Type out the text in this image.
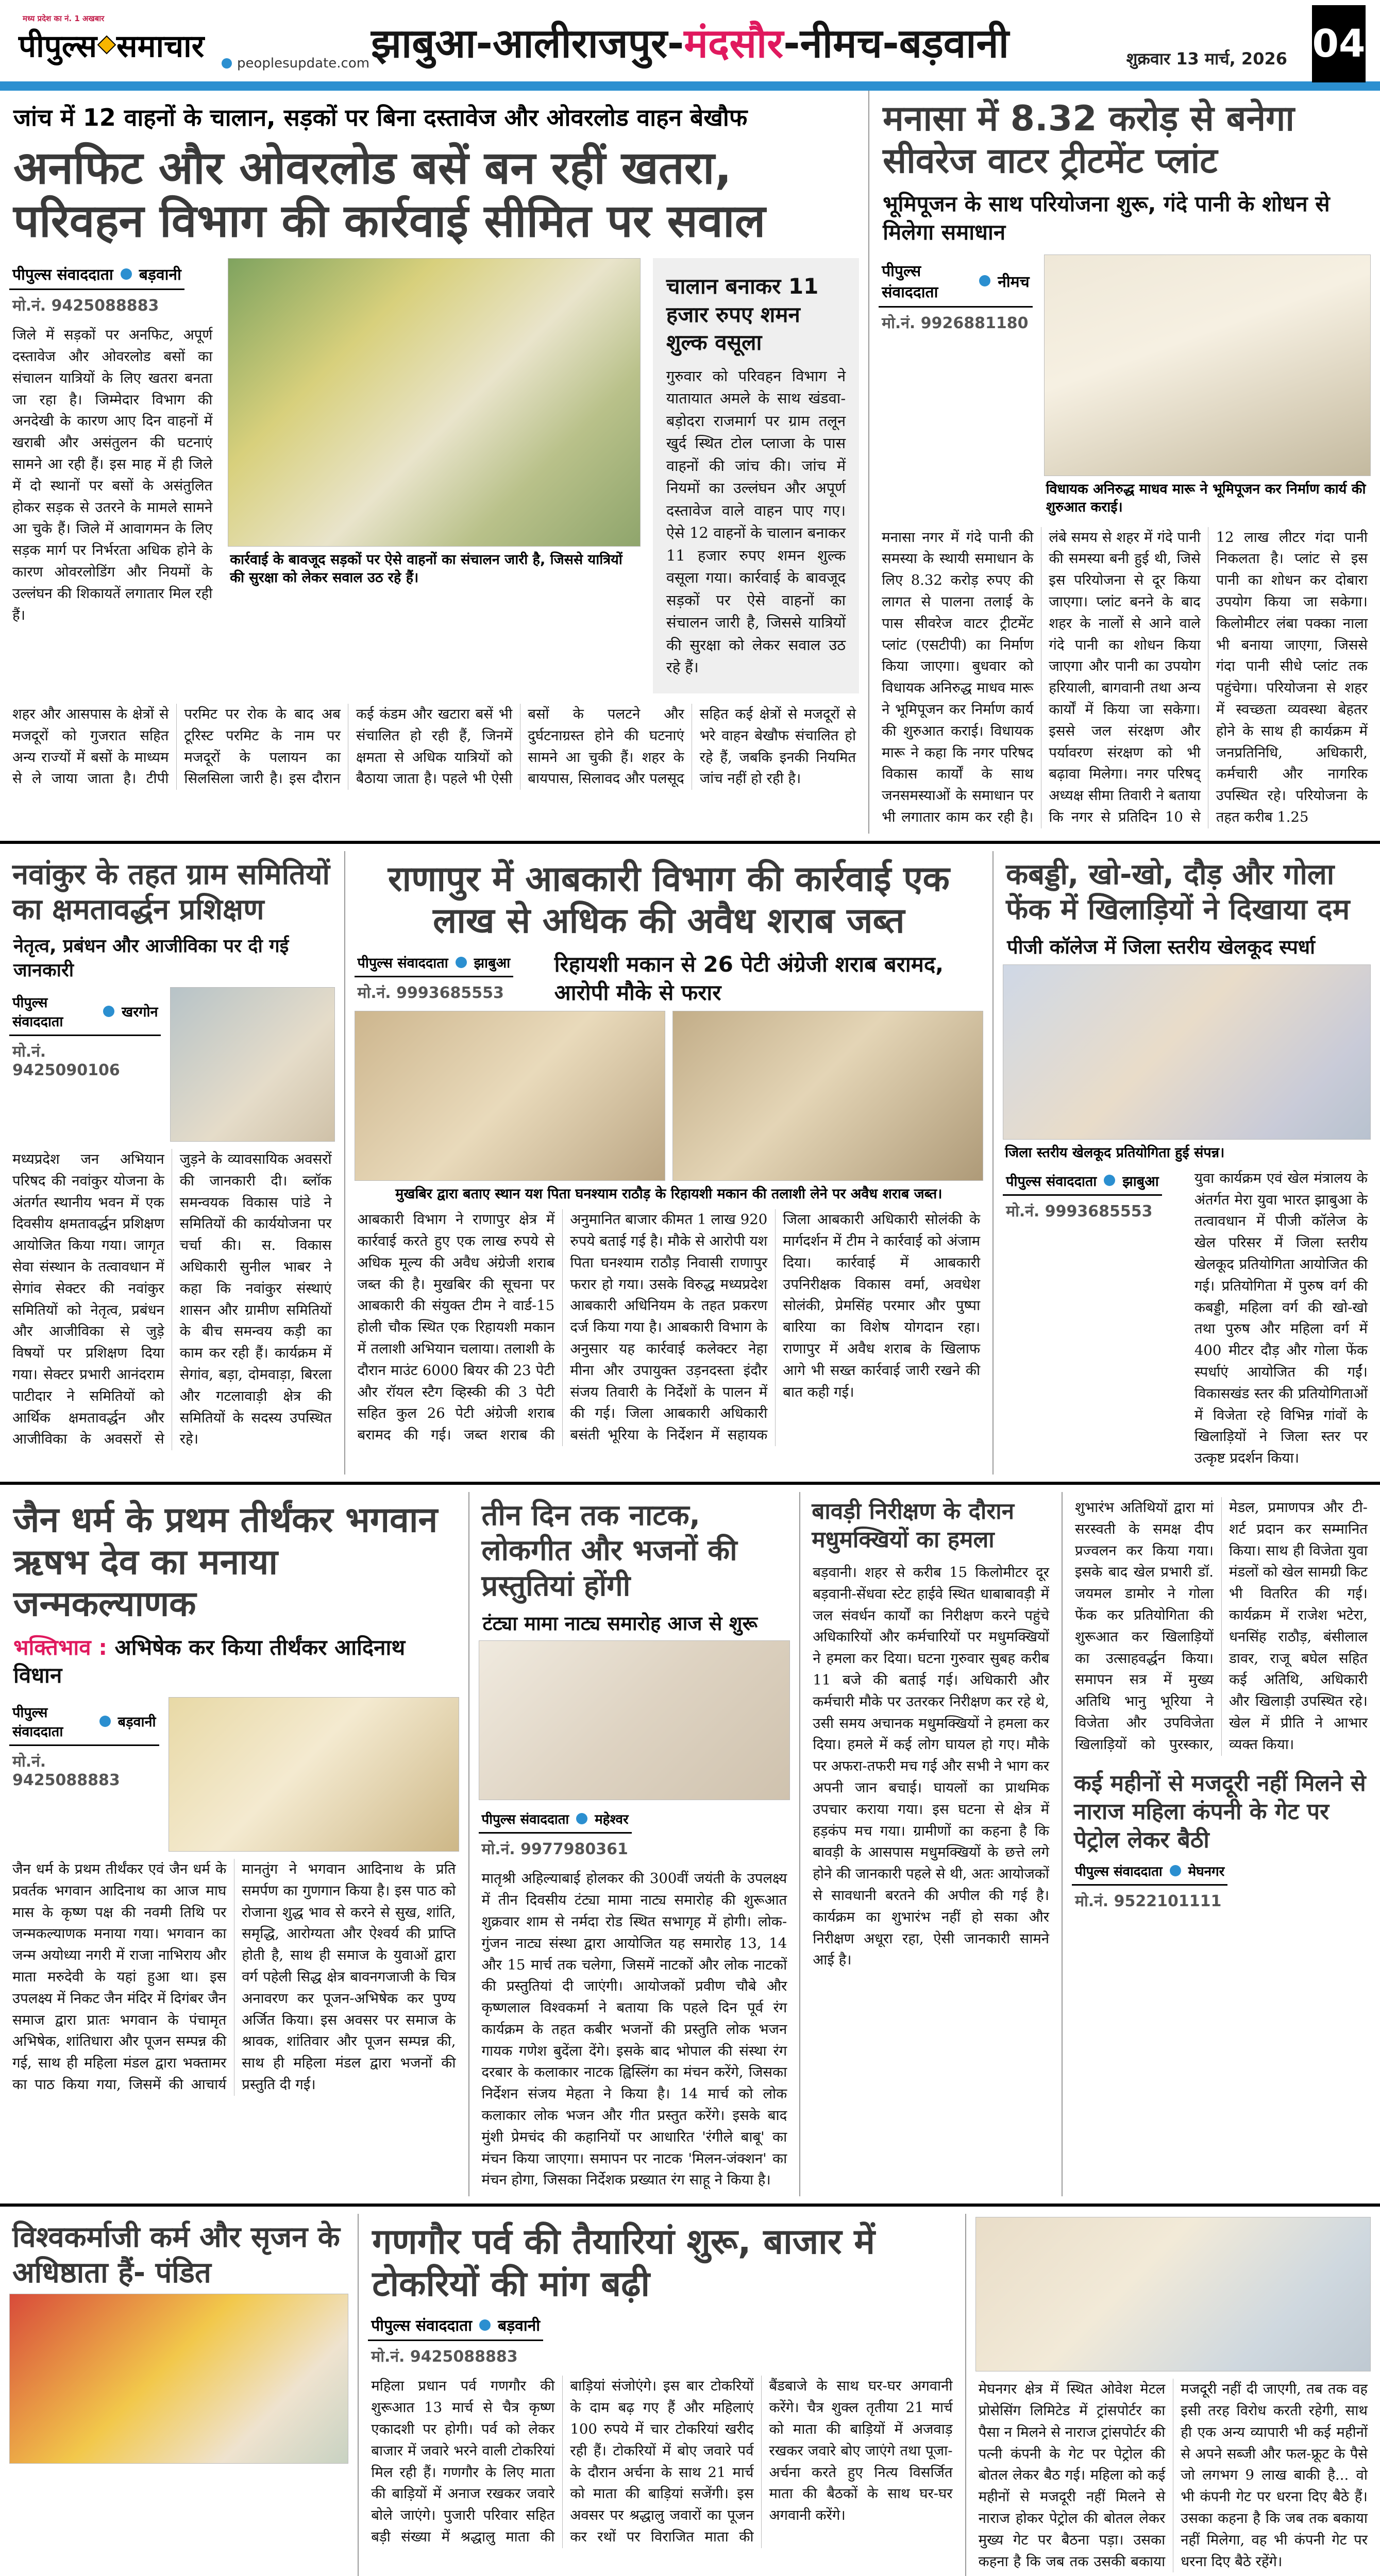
मध्य प्रदेश का नं. 1 अखबार
पीपुल्स समाचार peoplesupdate.com झाबुआ-आलीराजपुर-मंदसौर-नीमच-बड़वानी	शुक्रवार 13 मार्च, 2026 04
जांच में 12 वाहनों के चालान, सड़कों पर बिना दस्तावेज और ओवरलोड वाहन बेखौफ
अनफिट और ओवरलोड बसें बन रहीं खतरा, परिवहन विभाग की कार्रवाई सीमित पर सवाल
पीपुल्स संवाददाता बड़वानी
मो.नं. 9425088883
जिले में सड़कों पर अनफिट, अपूर्ण दस्तावेज और ओवरलोड बसों का संचालन यात्रियों के लिए खतरा बनता जा रहा है। जिम्मेदार विभाग की अनदेखी के कारण आए दिन वाहनों में खराबी और असंतुलन की घटनाएं सामने आ रही हैं। इस माह में ही जिले में दो स्थानों पर बसों के असंतुलित होकर सड़क से उतरने के मामले सामने आ चुके हैं। जिले में आवागमन के लिए सड़क मार्ग पर निर्भरता अधिक होने के कारण ओवरलोडिंग और नियमों के उल्लंघन की शिकायतें लगातार मिल रही हैं।
कार्रवाई के बावजूद सड़कों पर ऐसे वाहनों का संचालन जारी है, जिससे यात्रियों की सुरक्षा को लेकर सवाल उठ रहे हैं।
चालान बनाकर 11 हजार रुपए शमन शुल्क वसूला
गुरुवार को परिवहन विभाग ने यातायात अमले के साथ खंडवा-बड़ोदरा राजमार्ग पर ग्राम तलून खुर्द स्थित टोल प्लाजा के पास वाहनों की जांच की। जांच में नियमों का उल्लंघन और अपूर्ण दस्तावेज वाले वाहन पाए गए। ऐसे 12 वाहनों के चालान बनाकर 11 हजार रुपए शमन शुल्क वसूला गया। कार्रवाई के बावजूद सड़कों पर ऐसे वाहनों का संचालन जारी है, जिससे यात्रियों की सुरक्षा को लेकर सवाल उठ रहे हैं।
शहर और आसपास के क्षेत्रों से मजदूरों को गुजरात सहित अन्य राज्यों में बसों के माध्यम से ले जाया जाता है। टीपी परमिट पर रोक के बाद अब टूरिस्ट परमिट के नाम पर मजदूरों के पलायन का सिलसिला जारी है। इस दौरान कई कंडम और खटारा बसें भी संचालित हो रही हैं, जिनमें क्षमता से अधिक यात्रियों को बैठाया जाता है। पहले भी ऐसी बसों के पलटने और दुर्घटनाग्रस्त होने की घटनाएं सामने आ चुकी हैं। शहर के बायपास, सिलावद और पलसूद सहित कई क्षेत्रों से मजदूरों से भरे वाहन बेखौफ संचालित हो रहे हैं, जबकि इनकी नियमित जांच नहीं हो रही है।
मनासा में 8.32 करोड़ से बनेगा सीवरेज वाटर ट्रीटमेंट प्लांट
भूमिपूजन के साथ परियोजना शुरू, गंदे पानी के शोधन से मिलेगा समाधान
पीपुल्स संवाददाता
नीमच
मो.नं. 9926881180
विधायक अनिरुद्ध माधव मारू ने भूमिपूजन कर निर्माण कार्य की शुरुआत कराई।
मनासा नगर में गंदे पानी की समस्या के स्थायी समाधान के लिए 8.32 करोड़ रुपए की लागत से पालना तलाई के पास सीवरेज वाटर ट्रीटमेंट प्लांट (एसटीपी) का निर्माण किया जाएगा। बुधवार को विधायक अनिरुद्ध माधव मारू ने भूमिपूजन कर निर्माण कार्य की शुरुआत कराई। विधायक मारू ने कहा कि नगर परिषद विकास कार्यों के साथ जनसमस्याओं के समाधान पर भी लगातार काम कर रही है। लंबे समय से शहर में गंदे पानी की समस्या बनी हुई थी, जिसे इस परियोजना से दूर किया जाएगा। प्लांट बनने के बाद शहर के नालों से आने वाले गंदे पानी का शोधन किया जाएगा और पानी का उपयोग हरियाली, बागवानी तथा अन्य कार्यों में किया जा सकेगा। इससे जल संरक्षण और पर्यावरण संरक्षण को भी बढ़ावा मिलेगा। नगर परिषद् अध्यक्ष सीमा तिवारी ने बताया कि नगर से प्रतिदिन 10 से 12 लाख लीटर गंदा पानी निकलता है। प्लांट से इस पानी का शोधन कर दोबारा उपयोग किया जा सकेगा। किलोमीटर लंबा पक्का नाला भी बनाया जाएगा, जिससे गंदा पानी सीधे प्लांट तक पहुंचेगा। परियोजना से शहर में स्वच्छता व्यवस्था बेहतर होने के साथ ही कार्यक्रम में जनप्रतिनिधि, अधिकारी, कर्मचारी और नागरिक उपस्थित रहे। परियोजना के तहत करीब 1.25
नवांकुर के तहत ग्राम समितियों का क्षमतावर्द्धन प्रशिक्षण
नेतृत्व, प्रबंधन और आजीविका पर दी गई जानकारी
पीपुल्स संवाददाता
खरगोन
मो.नं. 9425090106
मध्यप्रदेश जन अभियान परिषद की नवांकुर योजना के अंतर्गत स्थानीय भवन में एक दिवसीय क्षमतावर्द्धन प्रशिक्षण आयोजित किया गया। जागृत सेवा संस्थान के तत्वावधान में सेगांव सेक्टर की नवांकुर समितियों को नेतृत्व, प्रबंधन और आजीविका से जुड़े विषयों पर प्रशिक्षण दिया गया। सेक्टर प्रभारी आनंदराम पाटीदार ने समितियों को आर्थिक क्षमतावर्द्धन और आजीविका के अवसरों से जुड़ने के व्यावसायिक अवसरों की जानकारी दी। ब्लॉक समन्वयक विकास पांडे ने समितियों की कार्ययोजना पर चर्चा की। स. विकास अधिकारी सुनील भाबर ने कहा कि नवांकुर संस्थाएं शासन और ग्रामीण समितियों के बीच समन्वय कड़ी का काम कर रही हैं। कार्यक्रम में सेगांव, बड़ा, दोमवाड़ा, बिरला और गटलावाड़ी क्षेत्र की समितियों के सदस्य उपस्थित रहे।
राणापुर में आबकारी विभाग की कार्रवाई एक लाख से अधिक की अवैध शराब जब्त
पीपुल्स संवाददाता झाबुआ
मो.नं. 9993685553
रिहायशी मकान से 26 पेटी अंग्रेजी शराब बरामद, आरोपी मौके से फरार
मुखबिर द्वारा बताए स्थान यश पिता घनश्याम राठौड़ के रिहायशी मकान की तलाशी लेने पर अवैध शराब जब्त।
आबकारी विभाग ने राणापुर क्षेत्र में कार्रवाई करते हुए एक लाख रुपये से अधिक मूल्य की अवैध अंग्रेजी शराब जब्त की है। मुखबिर की सूचना पर आबकारी की संयुक्त टीम ने वार्ड-15 होली चौक स्थित एक रिहायशी मकान में तलाशी अभियान चलाया। तलाशी के दौरान माउंट 6000 बियर की 23 पेटी और रॉयल स्टैग व्हिस्की की 3 पेटी सहित कुल 26 पेटी अंग्रेजी शराब बरामद की गई। जब्त शराब की अनुमानित बाजार कीमत 1 लाख 920 रुपये बताई गई है। मौके से आरोपी यश पिता घनश्याम राठौड़ निवासी राणापुर फरार हो गया। उसके विरुद्ध मध्यप्रदेश आबकारी अधिनियम के तहत प्रकरण दर्ज किया गया है। आबकारी विभाग के अनुसार यह कार्रवाई कलेक्टर नेहा मीना और उपायुक्त उड़नदस्ता इंदौर संजय तिवारी के निर्देशों के पालन में की गई। जिला आबकारी अधिकारी बसंती भूरिया के निर्देशन में सहायक जिला आबकारी अधिकारी सोलंकी के मार्गदर्शन में टीम ने कार्रवाई को अंजाम दिया। कार्रवाई में आबकारी उपनिरीक्षक विकास वर्मा, अवधेश सोलंकी, प्रेमसिंह परमार और पुष्पा बारिया का विशेष योगदान रहा। राणापुर में अवैध शराब के खिलाफ आगे भी सख्त कार्रवाई जारी रखने की बात कही गई।
कबड्डी, खो-खो, दौड़ और गोला फेंक में खिलाड़ियों ने दिखाया दम
पीजी कॉलेज में जिला स्तरीय खेलकूद स्पर्धा
जिला स्तरीय खेलकूद प्रतियोगिता हुई संपन्न।
पीपुल्स संवाददाता झाबुआ
मो.नं. 9993685553
युवा कार्यक्रम एवं खेल मंत्रालय के अंतर्गत मेरा युवा भारत झाबुआ के तत्वावधान में पीजी कॉलेज के खेल परिसर में जिला स्तरीय खेलकूद प्रतियोगिता आयोजित की गई। प्रतियोगिता में पुरुष वर्ग की कबड्डी, महिला वर्ग की खो-खो तथा पुरुष और महिला वर्ग में 400 मीटर दौड़ और गोला फेंक स्पर्धाएं आयोजित की गईं। विकासखंड स्तर की प्रतियोगिताओं में विजेता रहे विभिन्न गांवों के खिलाड़ियों ने जिला स्तर पर उत्कृष्ट प्रदर्शन किया।
जैन धर्म के प्रथम तीर्थंकर भगवान ऋषभ देव का मनाया जन्मकल्याणक
भक्तिभाव : अभिषेक कर किया तीर्थंकर आदिनाथ विधान
पीपुल्स संवाददाता
बड़वानी
मो.नं. 9425088883
जैन धर्म के प्रथम तीर्थंकर एवं जैन धर्म के प्रवर्तक भगवान आदिनाथ का आज माघ मास के कृष्ण पक्ष की नवमी तिथि पर जन्मकल्याणक मनाया गया। भगवान का जन्म अयोध्या नगरी में राजा नाभिराय और माता मरुदेवी के यहां हुआ था। इस उपलक्ष्य में निकट जैन मंदिर में दिगंबर जैन समाज द्वारा प्रातः भगवान के पंचामृत अभिषेक, शांतिधारा और पूजन सम्पन्न की गई, साथ ही महिला मंडल द्वारा भक्तामर का पाठ किया गया, जिसमें की आचार्य मानतुंग ने भगवान आदिनाथ के प्रति समर्पण का गुणगान किया है। इस पाठ को रोजाना शुद्ध भाव से करने से सुख, शांति, समृद्धि, आरोग्यता और ऐश्वर्य की प्राप्ति होती है, साथ ही समाज के युवाओं द्वारा वर्ग पहेली सिद्ध क्षेत्र बावनगजाजी के चित्र अनावरण कर पूजन-अभिषेक कर पुण्य अर्जित किया। इस अवसर पर समाज के श्रावक, शांतिवार और पूजन सम्पन्न की, साथ ही महिला मंडल द्वारा भजनों की प्रस्तुति दी गई।
तीन दिन तक नाटक, लोकगीत और भजनों की प्रस्तुतियां होंगी
टंट्या मामा नाट्य समारोह आज से शुरू
पीपुल्स संवाददाता महेश्वर
मो.नं. 9977980361
मातृश्री अहिल्याबाई होलकर की 300वीं जयंती के उपलक्ष्य में तीन दिवसीय टंट्या मामा नाट्य समारोह की शुरूआत शुक्रवार शाम से नर्मदा रोड स्थित सभागृह में होगी। लोक-गुंजन नाट्य संस्था द्वारा आयोजित यह समारोह 13, 14 और 15 मार्च तक चलेगा, जिसमें नाटकों और लोक नाटकों की प्रस्तुतियां दी जाएंगी। आयोजकों प्रवीण चौबे और कृष्णलाल विश्वकर्मा ने बताया कि पहले दिन पूर्व रंग कार्यक्रम के तहत कबीर भजनों की प्रस्तुति लोक भजन गायक गणेश बुदेंला देंगे। इसके बाद भोपाल की संस्था रंग दरबार के कलाकार नाटक ह्विस्लिंग का मंचन करेंगे, जिसका निर्देशन संजय मेहता ने किया है। 14 मार्च को लोक कलाकार लोक भजन और गीत प्रस्तुत करेंगे। इसके बाद मुंशी प्रेमचंद की कहानियों पर आधारित 'रंगीले बाबू' का मंचन किया जाएगा। समापन पर नाटक 'मिलन-जंक्शन' का मंचन होगा, जिसका निर्देशक प्रख्यात रंग साहू ने किया है।
बावड़ी निरीक्षण के दौरान मधुमक्खियों का हमला
बड़वानी। शहर से करीब 15 किलोमीटर दूर बड़वानी-सेंधवा स्टेट हाईवे स्थित धाबाबावड़ी में जल संवर्धन कार्यों का निरीक्षण करने पहुंचे अधिकारियों और कर्मचारियों पर मधुमक्खियों ने हमला कर दिया। घटना गुरुवार सुबह करीब 11 बजे की बताई गई। अधिकारी और कर्मचारी मौके पर उतरकर निरीक्षण कर रहे थे, उसी समय अचानक मधुमक्खियों ने हमला कर दिया। हमले में कई लोग घायल हो गए। मौके पर अफरा-तफरी मच गई और सभी ने भाग कर अपनी जान बचाई। घायलों का प्राथमिक उपचार कराया गया। इस घटना से क्षेत्र में हड़कंप मच गया। ग्रामीणों का कहना है कि बावड़ी के आसपास मधुमक्खियों के छत्ते लगे होने की जानकारी पहले से थी, अतः आयोजकों से सावधानी बरतने की अपील की गई है। कार्यक्रम का शुभारंभ नहीं हो सका और निरीक्षण अधूरा रहा, ऐसी जानकारी सामने आई है।
शुभारंभ अतिथियों द्वारा मां सरस्वती के समक्ष दीप प्रज्वलन कर किया गया। इसके बाद खेल प्रभारी डॉ. जयमल डामोर ने गोला फेंक कर प्रतियोगिता की शुरूआत कर खिलाड़ियों का उत्साहवर्द्धन किया। समापन सत्र में मुख्य अतिथि भानु भूरिया ने विजेता और उपविजेता खिलाड़ियों को पुरस्कार, मेडल, प्रमाणपत्र और टी-शर्ट प्रदान कर सम्मानित किया। साथ ही विजेता युवा मंडलों को खेल सामग्री किट भी वितरित की गई। कार्यक्रम में राजेश भटेरा, धनसिंह राठौड़, बंसीलाल डावर, राजू बघेल सहित कई अतिथि, अधिकारी और खिलाड़ी उपस्थित रहे। खेल में प्रीति ने आभार व्यक्त किया।
कई महीनों से मजदूरी नहीं मिलने से नाराज महिला कंपनी के गेट पर पेट्रोल लेकर बैठी
पीपुल्स संवाददाता मेघनगर
मो.नं. 9522101111
विश्वकर्माजी कर्म और सृजन के अधिष्ठाता हैं- पंडित
गणगौर पर्व की तैयारियां शुरू, बाजार में टोकरियों की मांग बढ़ी
पीपुल्स संवाददाता बड़वानी
मो.नं. 9425088883
महिला प्रधान पर्व गणगौर की शुरूआत 13 मार्च से चैत्र कृष्ण एकादशी पर होगी। पर्व को लेकर बाजार में जवारे भरने वाली टोकरियां मिल रही हैं। गणगौर के लिए माता की बाड़ियों में अनाज रखकर जवारे बोले जाएंगे। पुजारी परिवार सहित बड़ी संख्या में श्रद्धालु माता की बाड़ियां संजोएंगे। इस बार टोकरियों के दाम बढ़ गए हैं और महिलाएं 100 रुपये में चार टोकरियां खरीद रही हैं। टोकरियों में बोए जवारे पर्व के दौरान अर्चना के साथ 21 मार्च को माता की बाड़ियां सजेंगी। इस अवसर पर श्रद्धालु जवारों का पूजन कर रथों पर विराजित माता की बैंडबाजे के साथ घर-घर अगवानी करेंगे। चैत्र शुक्ल तृतीया 21 मार्च को माता की बाड़ियों में अजवाड़ रखकर जवारे बोए जाएंगे तथा पूजा-अर्चना करते हुए नित्य विसर्जित माता की बैठकों के साथ घर-घर अगवानी करेंगे।
मेघनगर क्षेत्र में स्थित ओवेश मेटल प्रोसेसिंग लिमिटेड में ट्रांसपोर्टर का पैसा न मिलने से नाराज ट्रांसपोर्टर की पत्नी कंपनी के गेट पर पेट्रोल की बोतल लेकर बैठ गई। महिला को कई महीनों से मजदूरी नहीं मिलने से नाराज होकर पेट्रोल की बोतल लेकर मुख्य गेट पर बैठना पड़ा। उसका कहना है कि जब तक उसकी बकाया मजदूरी नहीं दी जाएगी, तब तक वह इसी तरह विरोध करती रहेगी, साथ ही एक अन्य व्यापारी भी कई महीनों से अपने सब्जी और फल-फ्रूट के पैसे जो लगभग 9 लाख बाकी है... वो भी कंपनी गेट पर धरना दिए बैठे हैं। उसका कहना है कि जब तक बकाया नहीं मिलेगा, वह भी कंपनी गेट पर धरना दिए बैठे रहेंगे।
